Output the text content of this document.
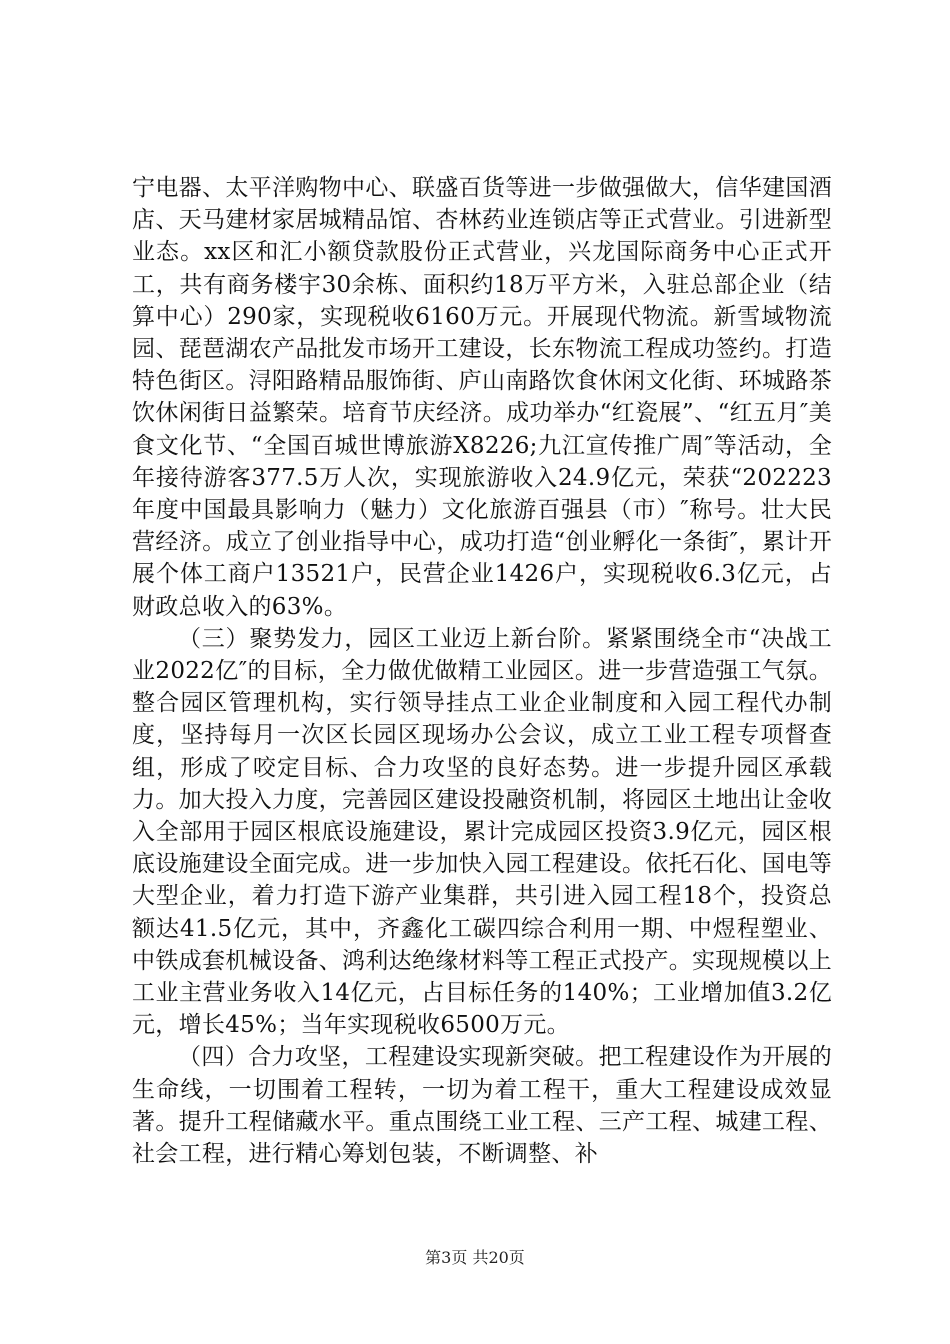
宁电器、太平洋购物中心、联盛百货等进一步做强做大，信华建国酒店、天马建材家居城精品馆、杏林药业连锁店等正式营业。引进新型业态。xx区和汇小额贷款股份正式营业，兴龙国际商务中心正式开工，共有商务楼宇30余栋、面积约18万平方米，入驻总部企业（结算中心）290家，实现税收6160万元。开展现代物流。新雪域物流园、琵琶湖农产品批发市场开工建设，长东物流工程成功签约。打造特色街区。浔阳路精品服饰街、庐山南路饮食休闲文化街、环城路茶饮休闲街日益繁荣。培育节庆经济。成功举办“红瓷展”、“红五月″美食文化节、“全国百城世博旅游X8226;九江宣传推广周″等活动，全年接待游客377.5万人次，实现旅游收入24.9亿元，荣获“202223年度中国最具影响力（魅力）文化旅游百强县（市）″称号。壮大民营经济。成立了创业指导中心，成功打造“创业孵化一条街″，累计开展个体工商户13521户，民营企业1426户，实现税收6.3亿元，占财政总收入的63%。

（三）聚势发力，园区工业迈上新台阶。紧紧围绕全市“决战工业2022亿″的目标，全力做优做精工业园区。进一步营造强工气氛。整合园区管理机构，实行领导挂点工业企业制度和入园工程代办制度，坚持每月一次区长园区现场办公会议，成立工业工程专项督查组，形成了咬定目标、合力攻坚的良好态势。进一步提升园区承载力。加大投入力度，完善园区建设投融资机制，将园区土地出让金收入全部用于园区根底设施建设，累计完成园区投资3.9亿元，园区根底设施建设全面完成。进一步加快入园工程建设。依托石化、国电等大型企业，着力打造下游产业集群，共引进入园工程18个，投资总额达41.5亿元，其中，齐鑫化工碳四综合利用一期、中煜程塑业、中铁成套机械设备、鸿利达绝缘材料等工程正式投产。实现规模以上工业主营业务收入14亿元，占目标任务的140%；工业增加值3.2亿元，增长45%；当年实现税收6500万元。

（四）合力攻坚，工程建设实现新突破。把工程建设作为开展的生命线，一切围着工程转，一切为着工程干，重大工程建设成效显著。提升工程储藏水平。重点围绕工业工程、三产工程、城建工程、社会工程，进行精心筹划包装，不断调整、补

第3页 共20页
